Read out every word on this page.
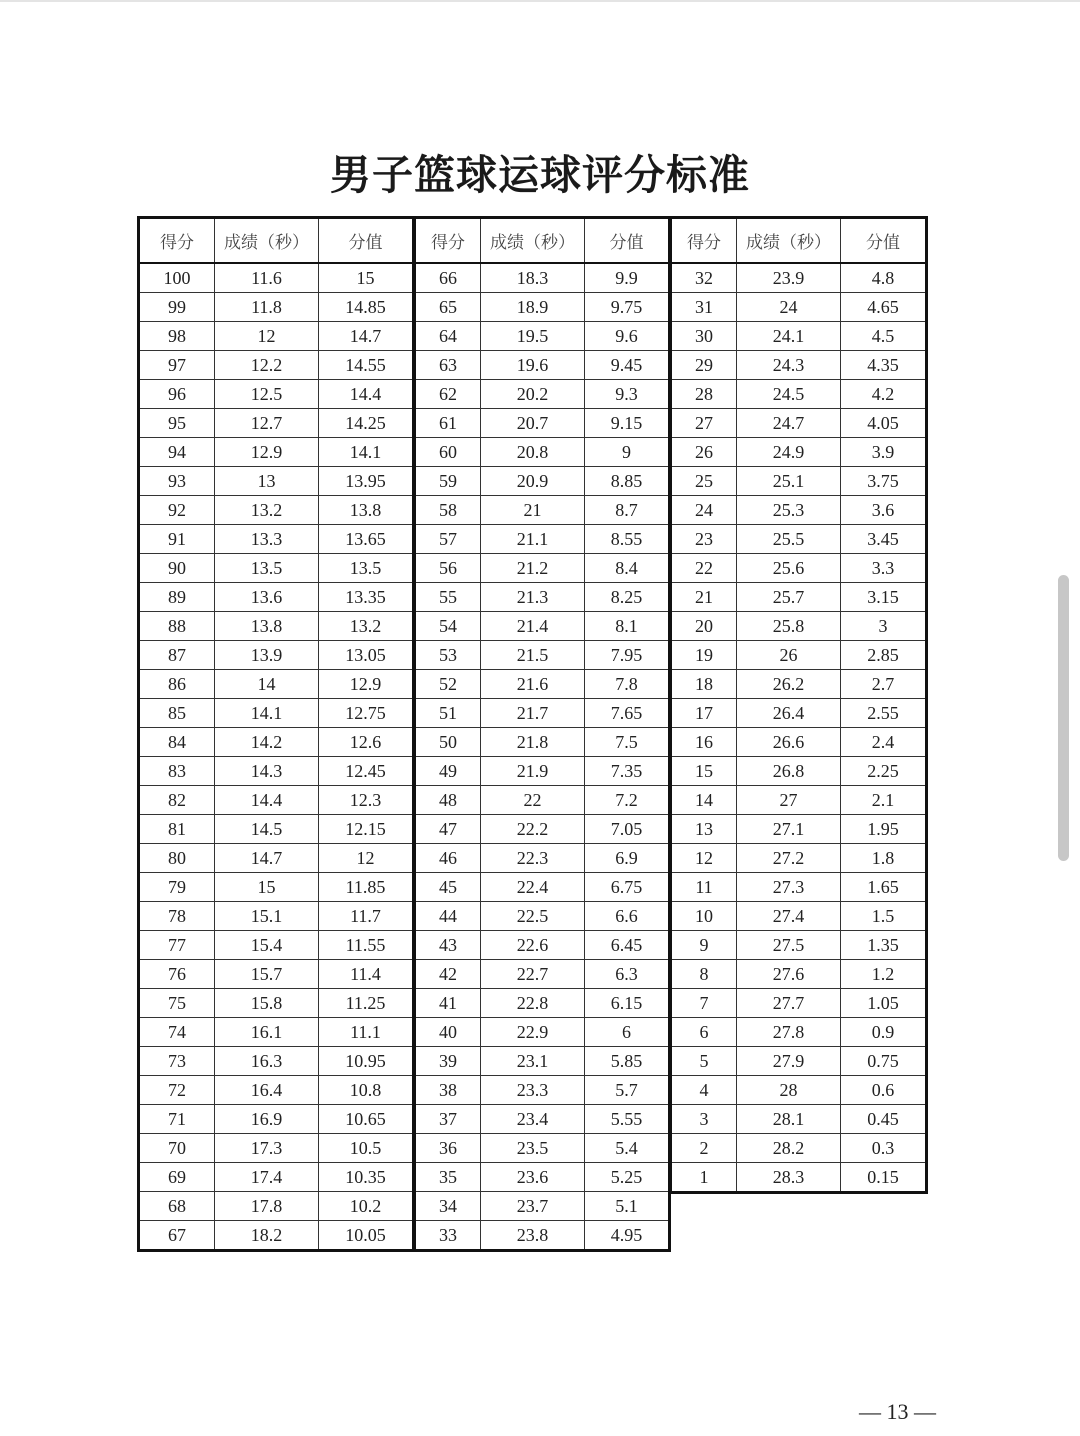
男子篮球运球评分标准
得分	成绩（秒）	分值
100	11.6	15
99	11.8	14.85
98	12	14.7
97	12.2	14.55
96	12.5	14.4
95	12.7	14.25
94	12.9	14.1
93	13	13.95
92	13.2	13.8
91	13.3	13.65
90	13.5	13.5
89	13.6	13.35
88	13.8	13.2
87	13.9	13.05
86	14	12.9
85	14.1	12.75
84	14.2	12.6
83	14.3	12.45
82	14.4	12.3
81	14.5	12.15
80	14.7	12
79	15	11.85
78	15.1	11.7
77	15.4	11.55
76	15.7	11.4
75	15.8	11.25
74	16.1	11.1
73	16.3	10.95
72	16.4	10.8
71	16.9	10.65
70	17.3	10.5
69	17.4	10.35
68	17.8	10.2
67	18.2	10.05
得分	成绩（秒）	分值
66	18.3	9.9
65	18.9	9.75
64	19.5	9.6
63	19.6	9.45
62	20.2	9.3
61	20.7	9.15
60	20.8	9
59	20.9	8.85
58	21	8.7
57	21.1	8.55
56	21.2	8.4
55	21.3	8.25
54	21.4	8.1
53	21.5	7.95
52	21.6	7.8
51	21.7	7.65
50	21.8	7.5
49	21.9	7.35
48	22	7.2
47	22.2	7.05
46	22.3	6.9
45	22.4	6.75
44	22.5	6.6
43	22.6	6.45
42	22.7	6.3
41	22.8	6.15
40	22.9	6
39	23.1	5.85
38	23.3	5.7
37	23.4	5.55
36	23.5	5.4
35	23.6	5.25
34	23.7	5.1
33	23.8	4.95
得分	成绩（秒）	分值
32	23.9	4.8
31	24	4.65
30	24.1	4.5
29	24.3	4.35
28	24.5	4.2
27	24.7	4.05
26	24.9	3.9
25	25.1	3.75
24	25.3	3.6
23	25.5	3.45
22	25.6	3.3
21	25.7	3.15
20	25.8	3
19	26	2.85
18	26.2	2.7
17	26.4	2.55
16	26.6	2.4
15	26.8	2.25
14	27	2.1
13	27.1	1.95
12	27.2	1.8
11	27.3	1.65
10	27.4	1.5
9	27.5	1.35
8	27.6	1.2
7	27.7	1.05
6	27.8	0.9
5	27.9	0.75
4	28	0.6
3	28.1	0.45
2	28.2	0.3
1	28.3	0.15
— 13 —
